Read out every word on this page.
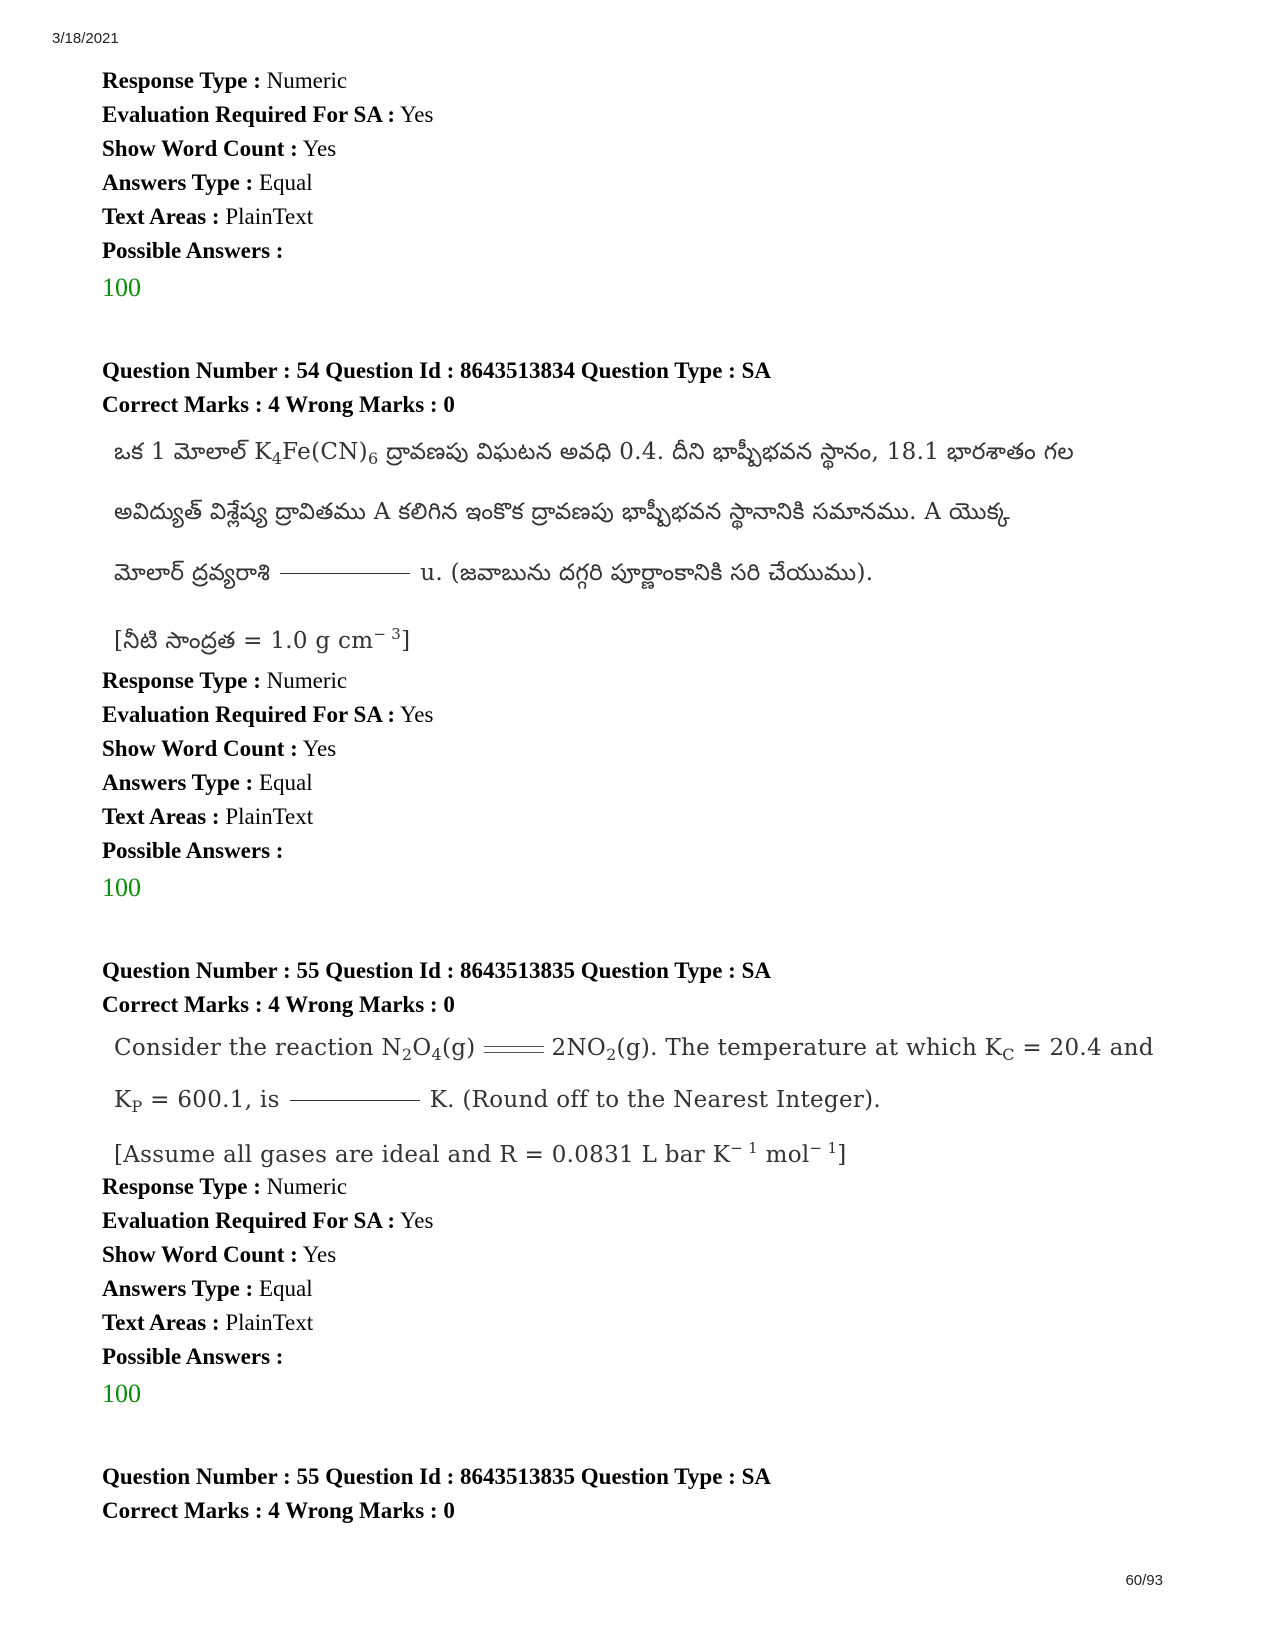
3/18/2021
Response Type : Numeric
Evaluation Required For SA : Yes
Show Word Count : Yes
Answers Type : Equal
Text Areas : PlainText
Possible Answers :
100
Question Number : 54 Question Id : 8643513834 Question Type : SA
Correct Marks : 4 Wrong Marks : 0
ఒక 1 మోలాల్ $K_4Fe(CN)_6$ ద్రావణపు విఘటన అవధి 0.4. దీని భాష్పీభవన స్థానం, 18.1 భారశాతం గల
అవిద్యుత్ విశ్లేష్య ద్రావితము A కలిగిన ఇంకొక ద్రావణపు భాష్పీభవన స్థానానికి సమానము. A యొక్క
మోలార్ ద్రవ్యరాశి	u. (జవాబును దగ్గరి పూర్ణాంకానికి సరి చేయుము).
[నీటి సాంద్రత = 1.0 g $cm^{- 3}$]
Response Type : Numeric
Evaluation Required For SA : Yes
Show Word Count : Yes
Answers Type : Equal
Text Areas : PlainText
Possible Answers :
100
Question Number : 55 Question Id : 8643513835 Question Type : SA
Correct Marks : 4 Wrong Marks : 0
Consider the reaction $N_2O_4(g)$	$2NO_2(g)$. The temperature at which $K_C = 20.4$ and
$K_P = 600.1$, is	K. (Round off to the Nearest Integer).
[Assume all gases are ideal and R = 0.0831 L bar $K^{- 1}$ mol$^{- 1}$]
Response Type : Numeric
Evaluation Required For SA : Yes
Show Word Count : Yes
Answers Type : Equal
Text Areas : PlainText
Possible Answers :
100
Question Number : 55 Question Id : 8643513835 Question Type : SA
Correct Marks : 4 Wrong Marks : 0
60/93
